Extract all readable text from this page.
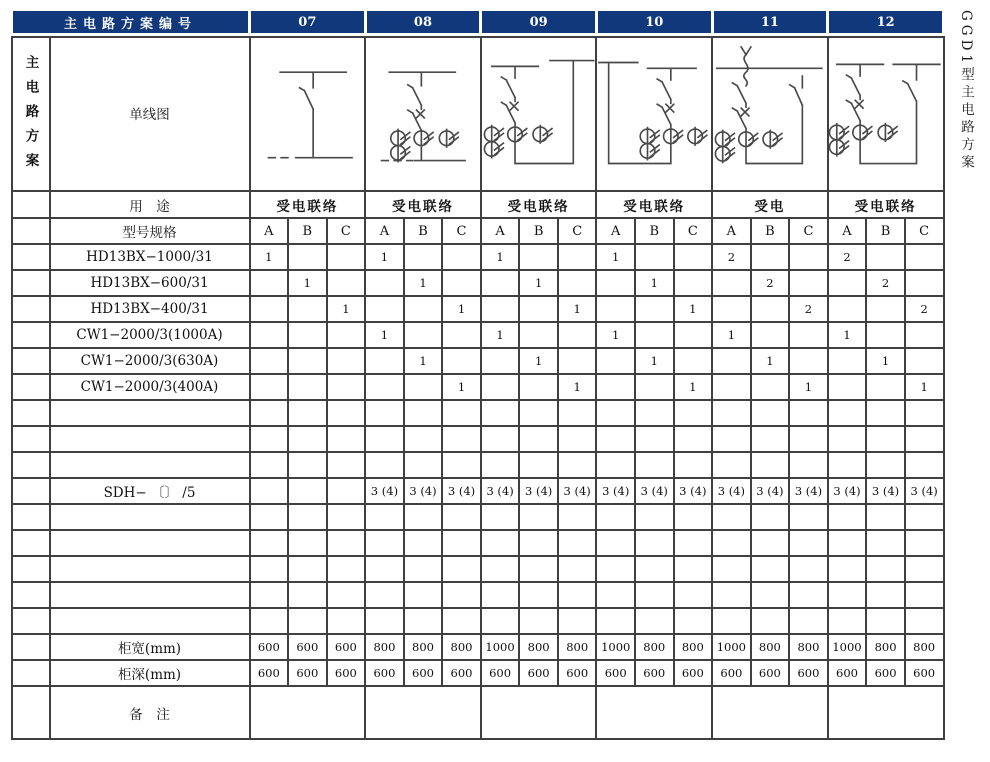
主电路方案编号		07			08			09			10			11			12		
主电路方案	单线图	

	用　途	受电联络			受电联络			受电联络			受电联络			受电			受电联络		
	型号规格	A	B	C	A	B	C	A	B	C	A	B	C	A	B	C	A	B	C
	HD13BX−1000/31	1			1			1			1			2			2		
	HD13BX−600/31		1			1			1			1			2			2	
	HD13BX−400/31			1			1			1			1			2			2
	CW1−2000/3(1000A)				1			1			1			1			1		
	CW1−2000/3(630A)					1			1			1			1			1	
	CW1−2000/3(400A)						1			1			1			1			1

	SDH− 〔〕 /5				3 (4)	3 (4)	3 (4)	3 (4)	3 (4)	3 (4)	3 (4)	3 (4)	3 (4)	3 (4)	3 (4)	3 (4)	3 (4)	3 (4)	3 (4)

	柜宽(mm)	600	600	600	800	800	800	1000	800	800	1000	800	800	1000	800	800	1000	800	800
	柜深(mm)	600	600	600	600	600	600	600	600	600	600	600	600	600	600	600	600	600	600
	备　注																		
GGD1型主电路方案
